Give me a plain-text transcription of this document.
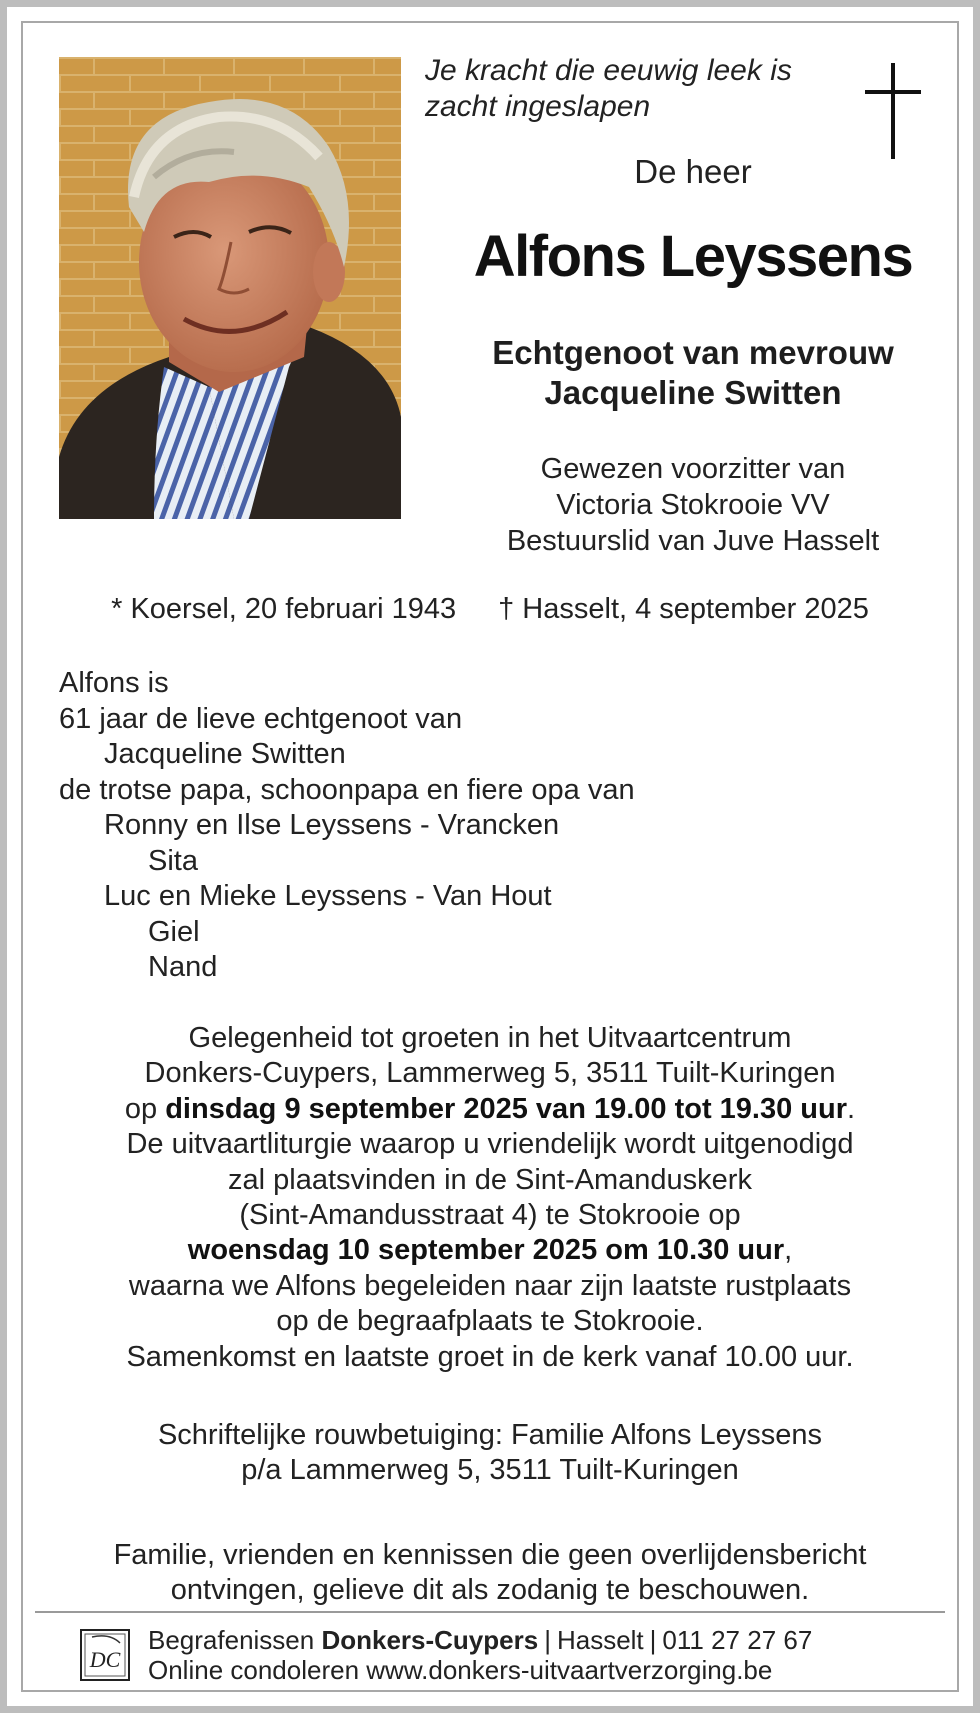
Je kracht die eeuwig leek is
zacht ingeslapen
De heer
Alfons Leyssens
Echtgenoot van mevrouw
Jacqueline Switten
Gewezen voorzitter van
Victoria Stokrooie VV
Bestuurslid van Juve Hasselt
* Koersel, 20 februari 1943 † Hasselt, 4 september 2025
Alfons is
61 jaar de lieve echtgenoot van
Jacqueline Switten
de trotse papa, schoonpapa en fiere opa van
Ronny en Ilse Leyssens - Vrancken
Sita
Luc en Mieke Leyssens - Van Hout
Giel
Nand
Gelegenheid tot groeten in het Uitvaartcentrum
Donkers-Cuypers, Lammerweg 5, 3511 Tuilt-Kuringen
op dinsdag 9 september 2025 van 19.00 tot 19.30 uur.
De uitvaartliturgie waarop u vriendelijk wordt uitgenodigd
zal plaatsvinden in de Sint-Amanduskerk
(Sint-Amandusstraat 4) te Stokrooie op
woensdag 10 september 2025 om 10.30 uur,
waarna we Alfons begeleiden naar zijn laatste rustplaats
op de begraafplaats te Stokrooie.
Samenkomst en laatste groet in de kerk vanaf 10.00 uur.
Schriftelijke rouwbetuiging: Familie Alfons Leyssens
p/a Lammerweg 5, 3511 Tuilt-Kuringen
Familie, vrienden en kennissen die geen overlijdensbericht
ontvingen, gelieve dit als zodanig te beschouwen.
DC
Begrafenissen Donkers-Cuypers | Hasselt | 011 27 27 67
Online condoleren www.donkers-uitvaartverzorging.be
